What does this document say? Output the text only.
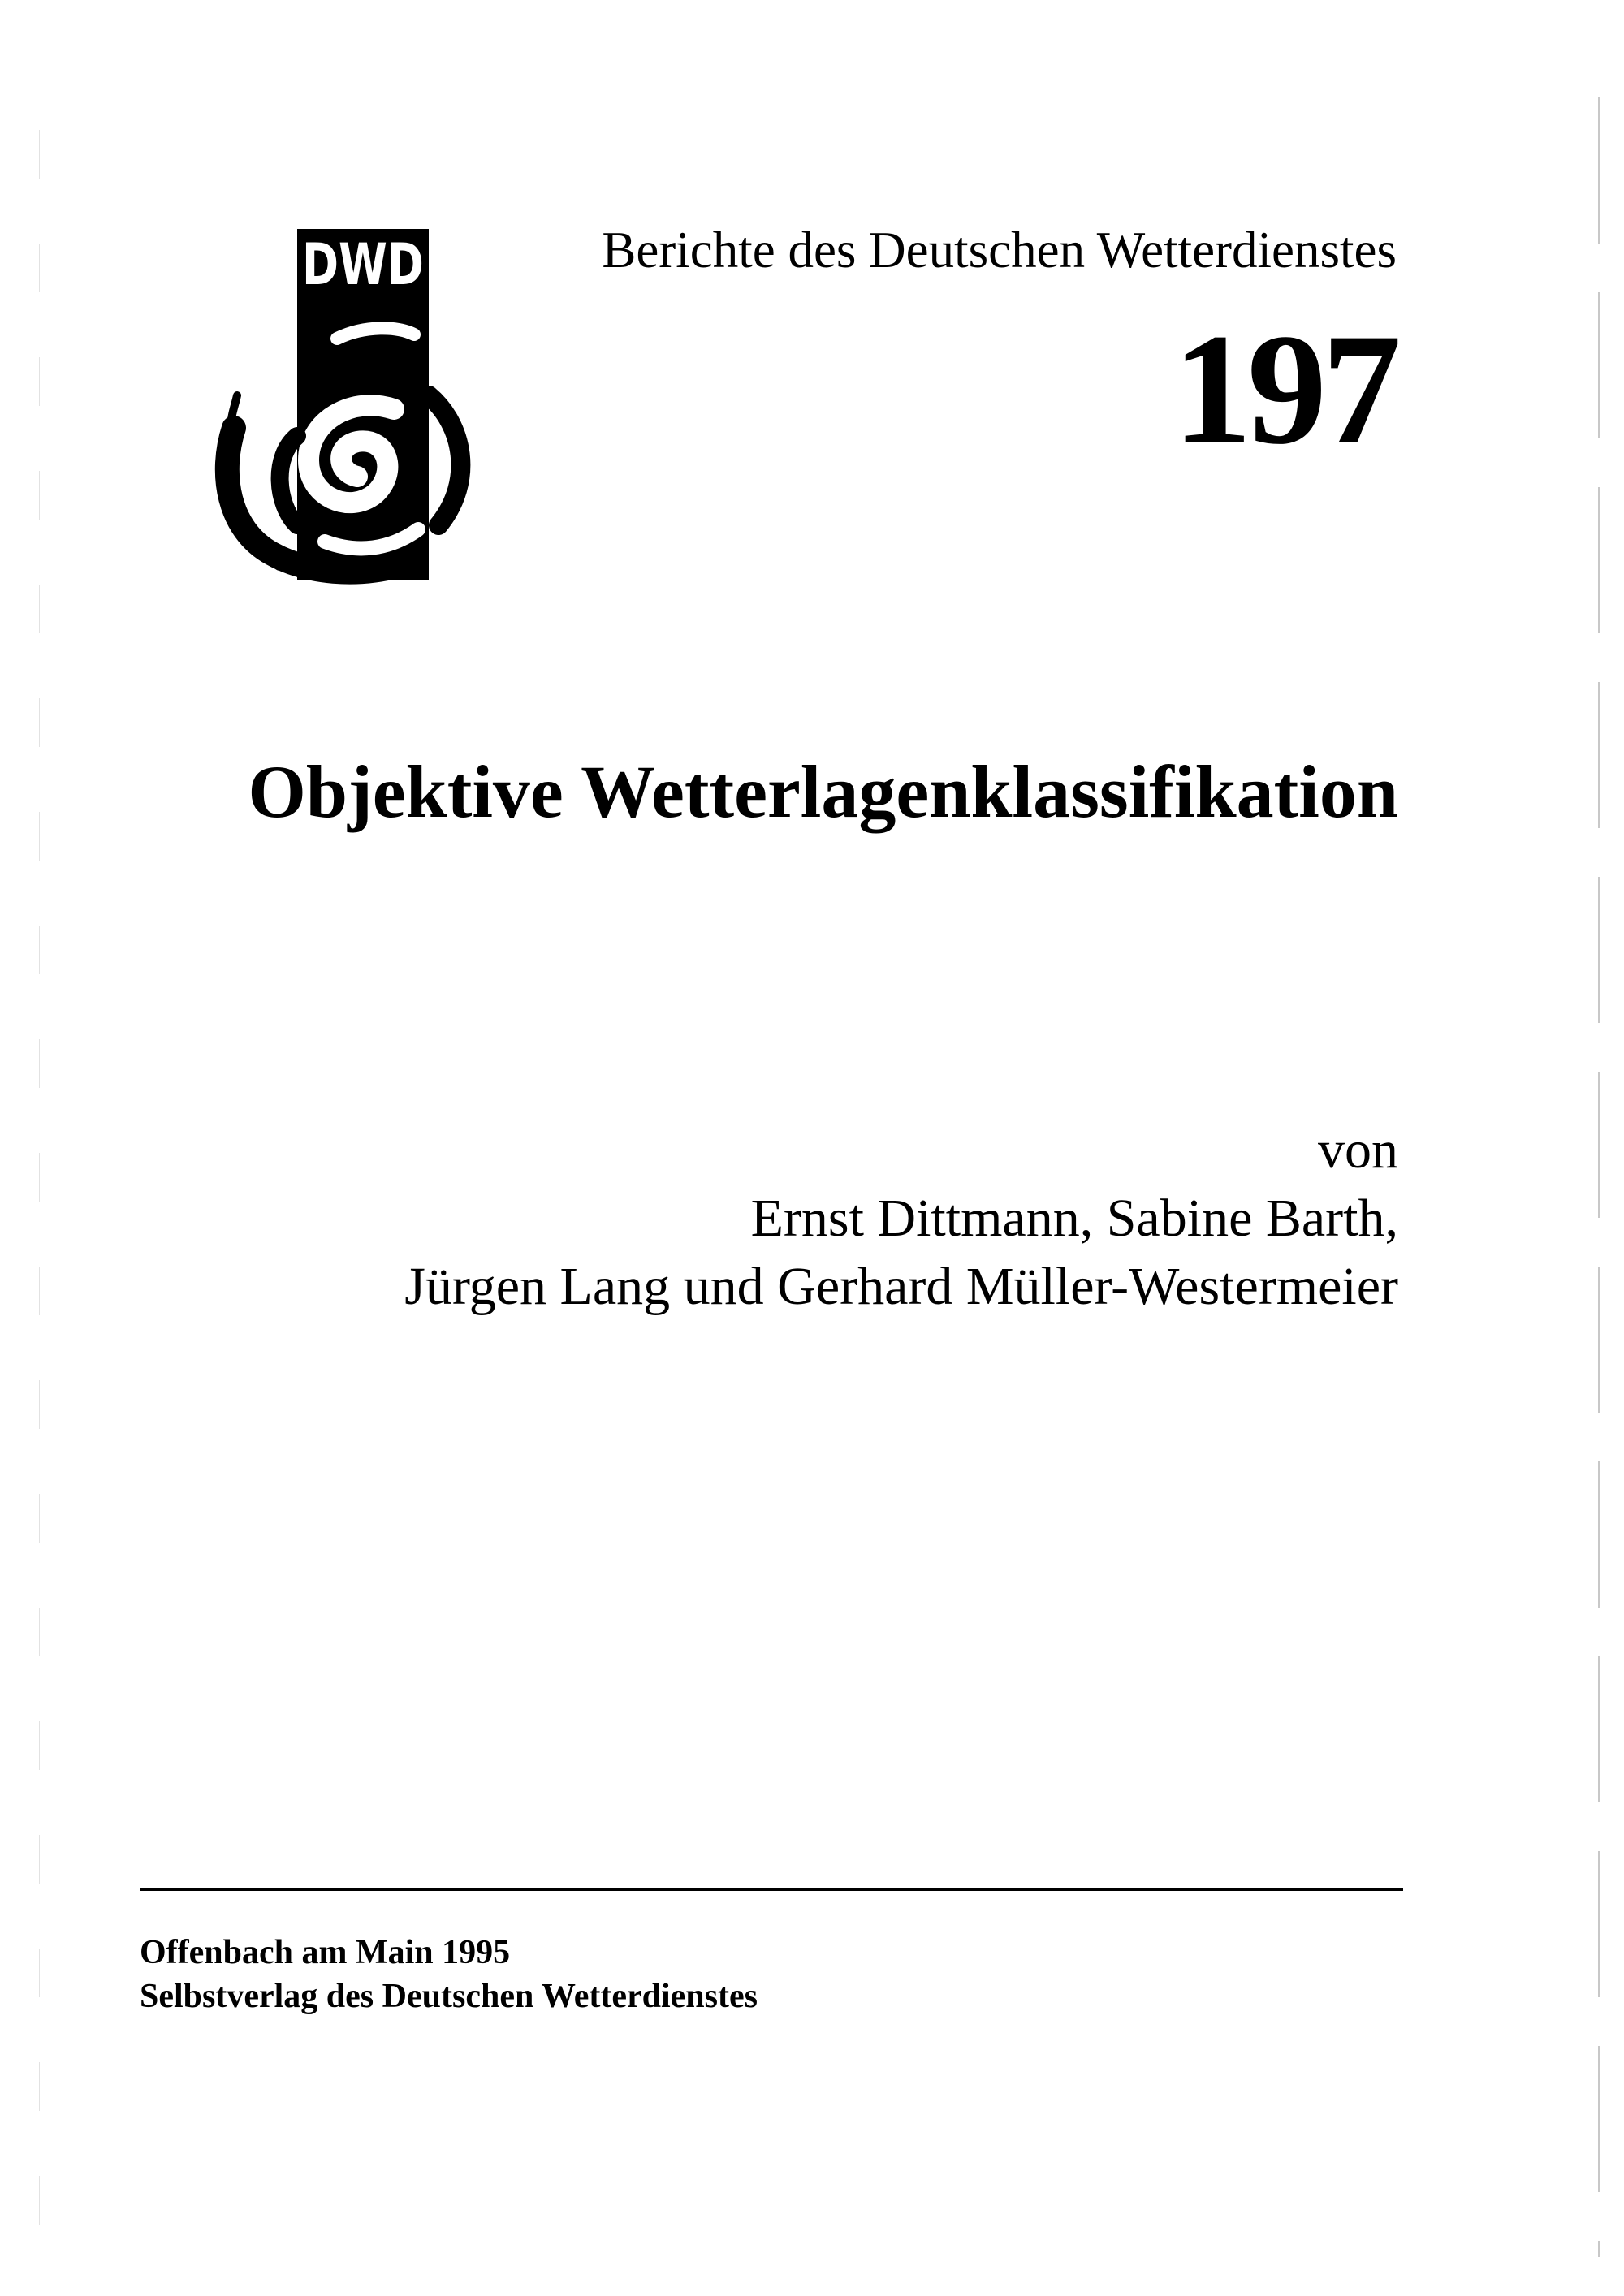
DWD	Berichte des Deutschen Wetterdienstes
197
Objektive Wetterlagenklassifikation
von
Ernst Dittmann, Sabine Barth,
Jürgen Lang und Gerhard Müller-Westermeier
Offenbach am Main 1995
Selbstverlag des Deutschen Wetterdienstes
